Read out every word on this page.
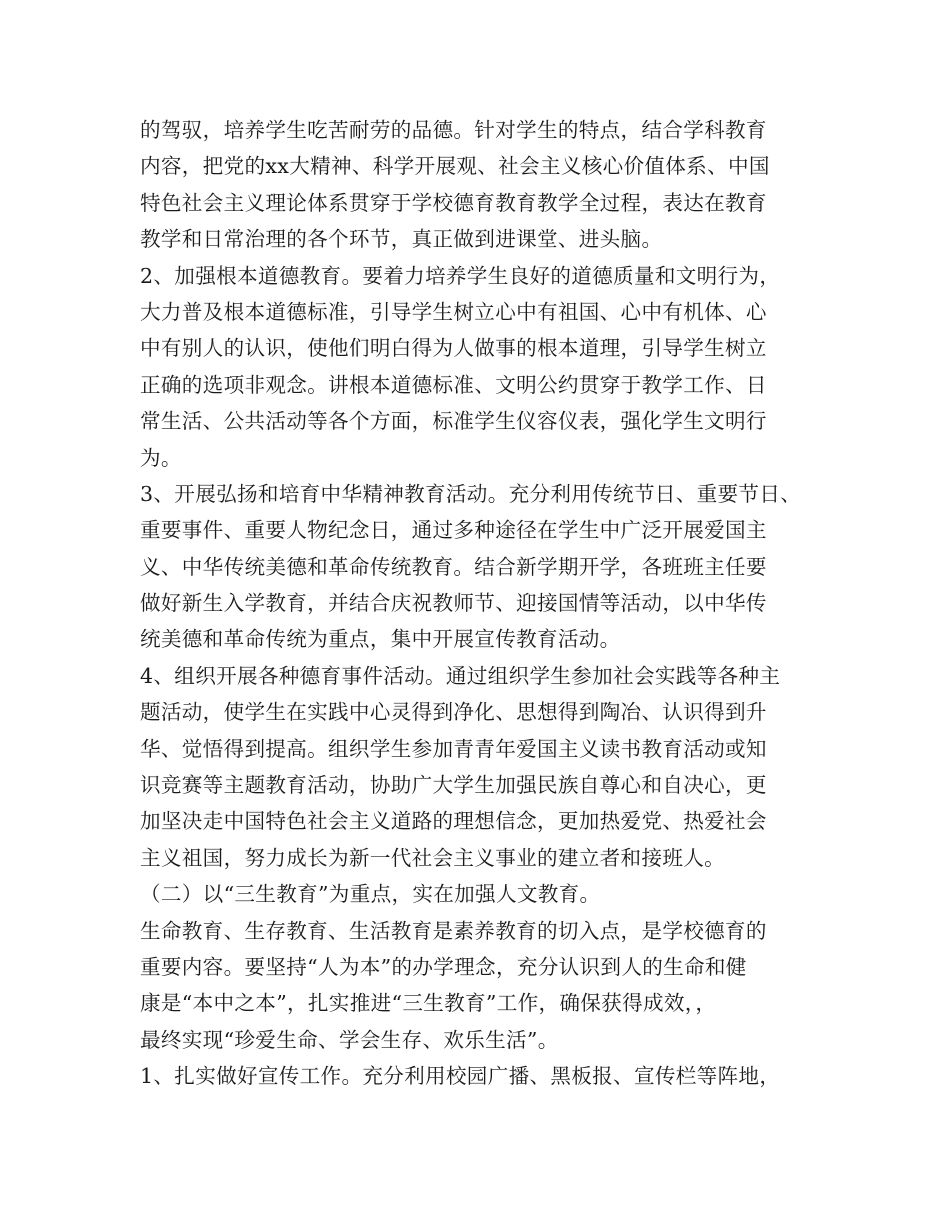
的驾驭，培养学生吃苦耐劳的品德。针对学生的特点，结合学科教育
内容，把党的xx大精神、科学开展观、社会主义核心价值体系、中国
特色社会主义理论体系贯穿于学校德育教育教学全过程，表达在教育
教学和日常治理的各个环节，真正做到进课堂、进头脑。
2、加强根本道德教育。要着力培养学生良好的道德质量和文明行为，
大力普及根本道德标准，引导学生树立心中有祖国、心中有机体、心
中有别人的认识，使他们明白得为人做事的根本道理，引导学生树立
正确的选项非观念。讲根本道德标准、文明公约贯穿于教学工作、日
常生活、公共活动等各个方面，标准学生仪容仪表，强化学生文明行
为。
3、开展弘扬和培育中华精神教育活动。充分利用传统节日、重要节日、
重要事件、重要人物纪念日，通过多种途径在学生中广泛开展爱国主
义、中华传统美德和革命传统教育。结合新学期开学，各班班主任要
做好新生入学教育，并结合庆祝教师节、迎接国情等活动，以中华传
统美德和革命传统为重点，集中开展宣传教育活动。
4、组织开展各种德育事件活动。通过组织学生参加社会实践等各种主
题活动，使学生在实践中心灵得到净化、思想得到陶冶、认识得到升
华、觉悟得到提高。组织学生参加青青年爱国主义读书教育活动或知
识竞赛等主题教育活动，协助广大学生加强民族自尊心和自决心，更
加坚决走中国特色社会主义道路的理想信念，更加热爱党、热爱社会
主义祖国，努力成长为新一代社会主义事业的建立者和接班人。
（二）以“三生教育”为重点，实在加强人文教育。
生命教育、生存教育、生活教育是素养教育的切入点，是学校德育的
重要内容。要坚持“人为本”的办学理念，充分认识到人的生命和健
康是“本中之本”，扎实推进“三生教育”工作，确保获得成效，，
最终实现“珍爱生命、学会生存、欢乐生活”。
1、扎实做好宣传工作。充分利用校园广播、黑板报、宣传栏等阵地，
